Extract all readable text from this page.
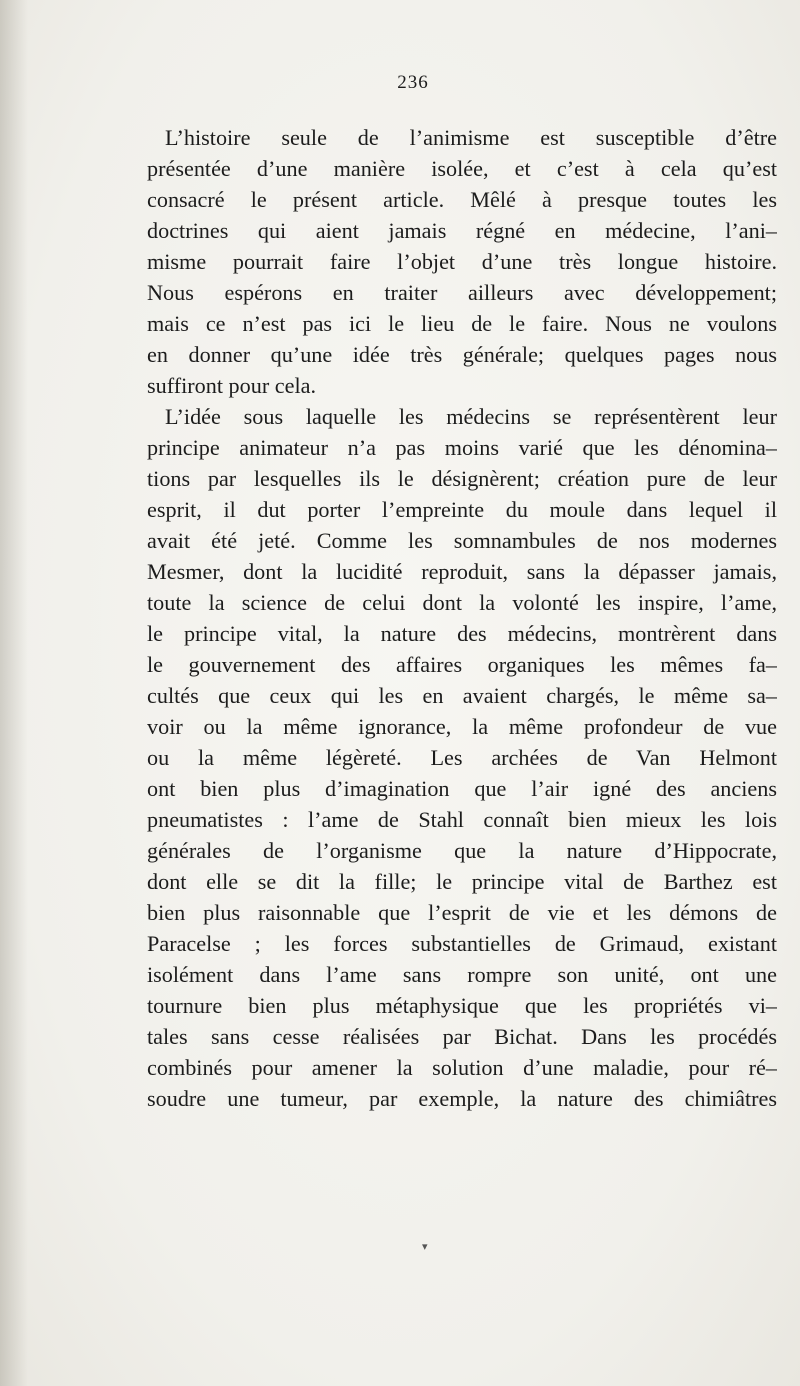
236
L’histoire seule de l’animisme est susceptible d’être
présentée d’une manière isolée, et c’est à cela qu’est
consacré le présent article. Mêlé à presque toutes les
doctrines qui aient jamais régné en médecine, l’ani–
misme pourrait faire l’objet d’une très longue histoire.
Nous espérons en traiter ailleurs avec développement;
mais ce n’est pas ici le lieu de le faire. Nous ne voulons
en donner qu’une idée très générale; quelques pages nous
suffiront pour cela.
L’idée sous laquelle les médecins se représentèrent leur
principe animateur n’a pas moins varié que les dénomina–
tions par lesquelles ils le désignèrent; création pure de leur
esprit, il dut porter l’empreinte du moule dans lequel il
avait été jeté. Comme les somnambules de nos modernes
Mesmer, dont la lucidité reproduit, sans la dépasser jamais,
toute la science de celui dont la volonté les inspire, l’ame,
le principe vital, la nature des médecins, montrèrent dans
le gouvernement des affaires organiques les mêmes fa–
cultés que ceux qui les en avaient chargés, le même sa–
voir ou la même ignorance, la même profondeur de vue
ou la même légèreté. Les archées de Van Helmont
ont bien plus d’imagination que l’air igné des anciens
pneumatistes : l’ame de Stahl connaît bien mieux les lois
générales de l’organisme que la nature d’Hippocrate,
dont elle se dit la fille; le principe vital de Barthez est
bien plus raisonnable que l’esprit de vie et les démons de
Paracelse ; les forces substantielles de Grimaud, existant
isolément dans l’ame sans rompre son unité, ont une
tournure bien plus métaphysique que les propriétés vi–
tales sans cesse réalisées par Bichat. Dans les procédés
combinés pour amener la solution d’une maladie, pour ré–
soudre une tumeur, par exemple, la nature des chimiâtres
▾
